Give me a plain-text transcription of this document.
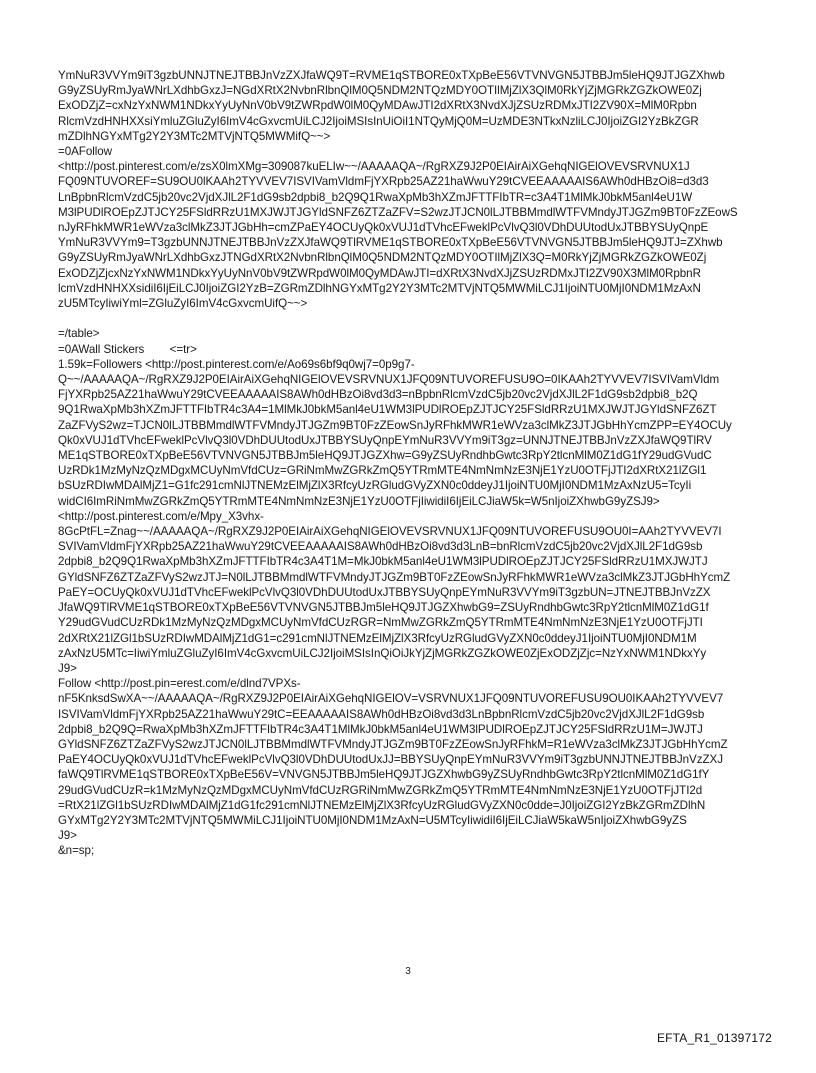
YmNuR3VVYm9iT3gzbUNNJTNEJTBBJnVzZXJfaWQ9T=RVME1qSTBORE0xTXpBeE56VTVNVGN5JTBBJm5leHQ9JTJGZXhwb
G9yZSUyRmJyaWNrLXdhbGxzJ=NGdXRtX2NvbnRlbnQlM0Q5NDM2NTQzMDY0OTIlMjZlX3QlM0RkYjZjMGRkZGZkOWE0Zj
ExODZjZ=cxNzYxNWM1NDkxYyUyNnV0bV9tZWRpdW0lM0QyMDAwJTI2dXRtX3NvdXJjZSUzRDMxJTI2ZV90X=MlM0Rpbn
RlcmVzdHNHXXsiYmluZGluZyI6ImV4cGxvcmUiLCJ2IjoiMSIsInUiOiI1NTQyMjQ0M=UzMDE3NTkxNzliLCJ0IjoiZGI2YzBkZGR
mZDlhNGYxMTg2Y2Y3MTc2MTVjNTQ5MWMifQ~~>
=0AFollow
<http://post.pinterest.com/e/zsX0lmXMg=309087kuELIw~~/AAAAAQA~/RgRXZ9J2P0EIAirAiXGehqNIGElOVEVSRVNUX1J
FQ09NTUVOREF=SU9OU0lKAAh2TYVVEV7ISVIVamVldmFjYXRpb25AZ21haWwuY29tCVEEAAAAAIS6AWh0dHBzOi8=d3d3
LnBpbnRlcmVzdC5jb20vc2VjdXJlL2F1dG9sb2dpbi8_b2Q9Q1RwaXpMb3hXZmJFTTFIbTR=c3A4T1MlMkJ0bkM5anl4eU1W
M3lPUDlROEpZJTJCY25FSldRRzU1MXJWJTJGYldSNFZ6ZTZaZFV=S2wzJTJCN0lLJTBBMmdlWTFVMndyJTJGZm9BT0FzZEowS
nJyRFhkMWR1eWVza3clMkZ3JTJGbHh=cmZPaEY4OCUyQk0xVUJ1dTVhcEFweklPcVlvQ3l0VDhDUUtodUxJTBBYSUyQnpE
YmNuR3VVYm9=T3gzbUNNJTNEJTBBJnVzZXJfaWQ9TlRVME1qSTBORE0xTXpBeE56VTVNVGN5JTBBJm5leHQ9JTJ=ZXhwb
G9yZSUyRmJyaWNrLXdhbGxzJTNGdXRtX2NvbnRlbnQlM0Q5NDM2NTQzMDY0OTIlMjZlX3Q=M0RkYjZjMGRkZGZkOWE0Zj
ExODZjZjcxNzYxNWM1NDkxYyUyNnV0bV9tZWRpdW0lM0QyMDAwJTI=dXRtX3NvdXJjZSUzRDMxJTI2ZV90X3MlM0RpbnR
lcmVzdHNHXXsidiI6IjEiLCJ0IjoiZGI2YzB=ZGRmZDlhNGYxMTg2Y2Y3MTc2MTVjNTQ5MWMiLCJ1IjoiNTU0MjI0NDM1MzAxN
zU5MTcyIiwiYml=ZGluZyI6ImV4cGxvcmUifQ~~>
=/table>
=0AWall Stickers        <=tr>
1.59k=Followers <http://post.pinterest.com/e/Ao69s6bf9q0wj7=0p9g7-
Q~~/AAAAAQA~/RgRXZ9J2P0EIAirAiXGehqNIGElOVEVSRVNUX1JFQ09NTUVOREFUSU9O=0IKAAh2TYVVEV7ISVIVamVldm
FjYXRpb25AZ21haWwuY29tCVEEAAAAAIS8AWh0dHBzOi8vd3d3=nBpbnRlcmVzdC5jb20vc2VjdXJlL2F1dG9sb2dpbi8_b2Q
9Q1RwaXpMb3hXZmJFTTFIbTR4c3A4=1MlMkJ0bkM5anl4eU1WM3lPUDlROEpZJTJCY25FSldRRzU1MXJWJTJGYldSNFZ6ZT
ZaZFVyS2wz=TJCN0lLJTBBMmdlWTFVMndyJTJGZm9BT0FzZEowSnJyRFhkMWR1eWVza3clMkZ3JTJGbHhYcmZPP=EY4OCUy
Qk0xVUJ1dTVhcEFweklPcVlvQ3l0VDhDUUtodUxJTBBYSUyQnpEYmNuR3VVYm9iT3gz=UNNJTNEJTBBJnVzZXJfaWQ9TlRV
ME1qSTBORE0xTXpBeE56VTVNVGN5JTBBJm5leHQ9JTJGZXhw=G9yZSUyRndhbGwtc3RpY2tlcnMlM0Z1dG1fY29udGVudC
UzRDk1MzMyNzQzMDgxMCUyNmVfdCUz=GRiNmMwZGRkZmQ5YTRmMTE4NmNmNzE3NjE1YzU0OTFjJTI2dXRtX21lZGl1
bSUzRDIwMDAlMjZ1=G1fc291cmNlJTNEMzElMjZlX3RfcyUzRGludGVyZXN0c0ddeyJ1IjoiNTU0MjI0NDM1MzAxNzU5=TcyIi
widCI6ImRiNmMwZGRkZmQ5YTRmMTE4NmNmNzE3NjE1YzU0OTFjIiwidiI6IjEiLCJiaW5k=W5nIjoiZXhwbG9yZSJ9>
<http://post.pinterest.com/e/Mpy_X3vhx-
8GcPtFL=Znag~~/AAAAAQA~/RgRXZ9J2P0EIAirAiXGehqNIGElOVEVSRVNUX1JFQ09NTUVOREFUSU9OU0I=AAh2TYVVEV7I
SVIVamVldmFjYXRpb25AZ21haWwuY29tCVEEAAAAAIS8AWh0dHBzOi8vd3d3LnB=bnRlcmVzdC5jb20vc2VjdXJlL2F1dG9sb
2dpbi8_b2Q9Q1RwaXpMb3hXZmJFTTFIbTR4c3A4T1M=MkJ0bkM5anl4eU1WM3lPUDlROEpZJTJCY25FSldRRzU1MXJWJTJ
GYldSNFZ6ZTZaZFVyS2wzJTJ=N0lLJTBBMmdlWTFVMndyJTJGZm9BT0FzZEowSnJyRFhkMWR1eWVza3clMkZ3JTJGbHhYcmZ
PaEY=OCUyQk0xVUJ1dTVhcEFweklPcVlvQ3l0VDhDUUtodUxJTBBYSUyQnpEYmNuR3VVYm9iT3gzbUN=JTNEJTBBJnVzZX
JfaWQ9TlRVME1qSTBORE0xTXpBeE56VTVNVGN5JTBBJm5leHQ9JTJGZXhwbG9=ZSUyRndhbGwtc3RpY2tlcnMlM0Z1dG1f
Y29udGVudCUzRDk1MzMyNzQzMDgxMCUyNmVfdCUzRGR=NmMwZGRkZmQ5YTRmMTE4NmNmNzE3NjE1YzU0OTFjJTI
2dXRtX21lZGl1bSUzRDIwMDAlMjZ1dG1=c291cmNlJTNEMzElMjZlX3RfcyUzRGludGVyZXN0c0ddeyJ1IjoiNTU0MjI0NDM1M
zAxNzU5MTc=IiwiYmluZGluZyI6ImV4cGxvcmUiLCJ2IjoiMSIsInQiOiJkYjZjMGRkZGZkOWE0ZjExODZjZjc=NzYxNWM1NDkxYy
J9>
Follow <http://post.pin=erest.com/e/dlnd7VPXs-
nF5KnksdSwXA~~/AAAAAQA~/RgRXZ9J2P0EIAirAiXGehqNIGElOV=VSRVNUX1JFQ09NTUVOREFUSU9OU0IKAAh2TYVVEV7
ISVIVamVldmFjYXRpb25AZ21haWwuY29tC=EEAAAAAIS8AWh0dHBzOi8vd3d3LnBpbnRlcmVzdC5jb20vc2VjdXJlL2F1dG9sb
2dpbi8_b2Q9Q=RwaXpMb3hXZmJFTTFIbTR4c3A4T1MlMkJ0bkM5anl4eU1WM3lPUDlROEpZJTJCY25FSldRRzU1M=JWJTJ
GYldSNFZ6ZTZaZFVyS2wzJTJCN0lLJTBBMmdlWTFVMndyJTJGZm9BT0FzZEowSnJyRFhkM=R1eWVza3clMkZ3JTJGbHhYcmZ
PaEY4OCUyQk0xVUJ1dTVhcEFweklPcVlvQ3l0VDhDUUtodUxJJ=BBYSUyQnpEYmNuR3VVYm9iT3gzbUNNJTNEJTBBJnVzZXJ
faWQ9TlRVME1qSTBORE0xTXpBeE56V=VNVGN5JTBBJm5leHQ9JTJGZXhwbG9yZSUyRndhbGwtc3RpY2tlcnMlM0Z1dG1fY
29udGVudCUzR=k1MzMyNzQzMDgxMCUyNmVfdCUzRGRiNmMwZGRkZmQ5YTRmMTE4NmNmNzE3NjE1YzU0OTFjJTI2d
=RtX21lZGl1bSUzRDIwMDAlMjZ1dG1fc291cmNlJTNEMzElMjZlX3RfcyUzRGludGVyZXN0c0dde=J0IjoiZGI2YzBkZGRmZDlhN
GYxMTg2Y2Y3MTc2MTVjNTQ5MWMiLCJ1IjoiNTU0MjI0NDM1MzAxN=U5MTcyIiwidiI6IjEiLCJiaW5kaW5nIjoiZXhwbG9yZS
J9>
&n=sp;
3
EFTA_R1_01397172
